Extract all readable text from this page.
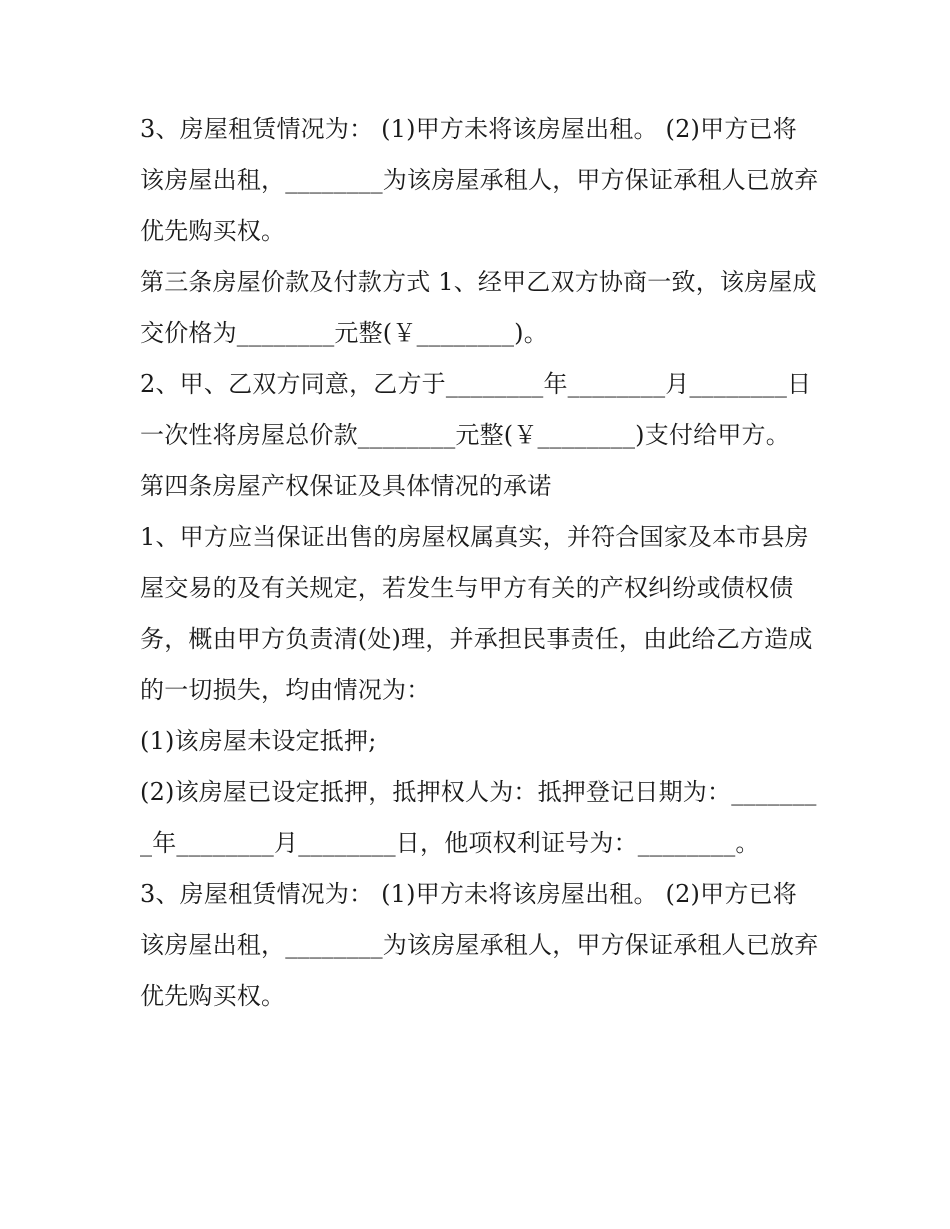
3、房屋租赁情况为： (1)甲方未将该房屋出租。 (2)甲方已将该房屋出租，________为该房屋承租人，甲方保证承租人已放弃优先购买权。

第三条房屋价款及付款方式 1、经甲乙双方协商一致，该房屋成交价格为________元整(￥________)。

2、甲、乙双方同意，乙方于________年________月________日一次性将房屋总价款________元整(￥________)支付给甲方。

第四条房屋产权保证及具体情况的承诺

1、甲方应当保证出售的房屋权属真实，并符合国家及本市县房屋交易的及有关规定，若发生与甲方有关的产权纠纷或债权债务，概由甲方负责清(处)理，并承担民事责任，由此给乙方造成的一切损失，均由情况为：

(1)该房屋未设定抵押;

(2)该房屋已设定抵押，抵押权人为：抵押登记日期为：________年________月________日，他项权利证号为：________。

3、房屋租赁情况为： (1)甲方未将该房屋出租。 (2)甲方已将该房屋出租，________为该房屋承租人，甲方保证承租人已放弃优先购买权。
